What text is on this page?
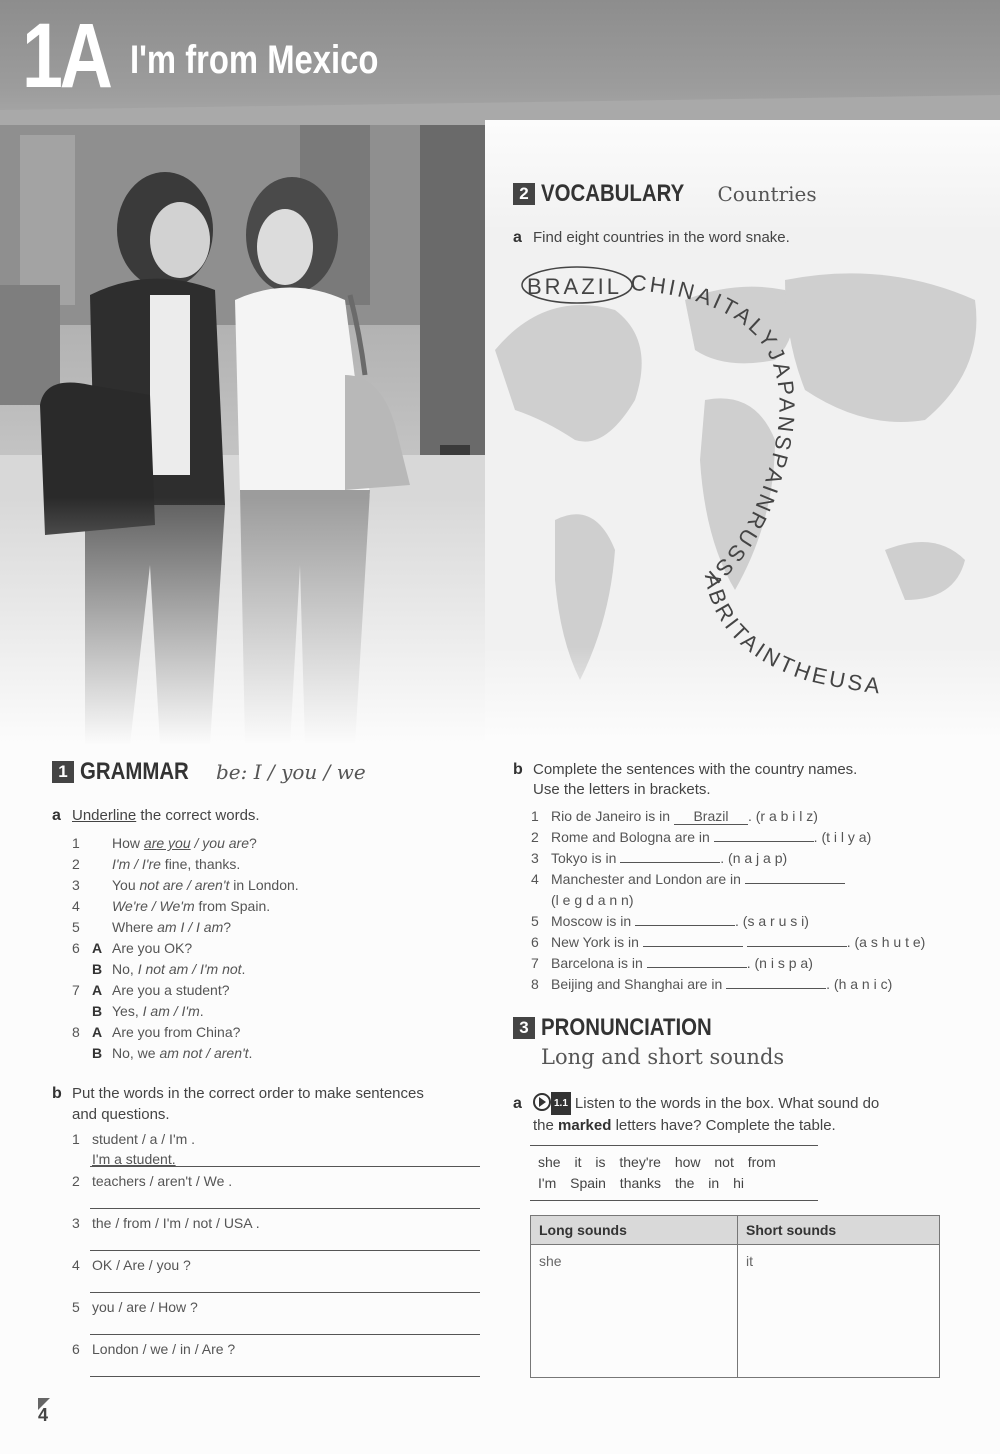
1A I'm from Mexico
2 VOCABULARY Countries
a Find eight countries in the word snake.
BRAZIL CHINAITALYJAPANSPAINRUSSIABRITAINTHEUSA
b Complete the sentences with the country names.
Use the letters in brackets.
1 Rio de Janeiro is in Brazil . (r a b i l z)
2 Rome and Bologna are in	. (t i l y a)
3 Tokyo is in	. (n a j a p)
4 Manchester and London are in
(l e g d a n n)
5 Moscow is in	. (s a r u s i)
6 New York is in	. (a s h u t e)
7 Barcelona is in	. (n i s p a)
8 Beijing and Shanghai are in	. (h a n i c)
3 PRONUNCIATION
Long and short sounds
a	1.1 Listen to the words in the box. What sound do
the marked letters have? Complete the table.
she it is they're how not from
I'm Spain thanks the in hi
Long sounds	Short sounds
she	it
1 GRAMMAR be: I / you / we
a Underline the correct words.
1 How are you / you are?
2 I'm / I're fine, thanks.
3 You not are / aren't in London.
4 We're / We'm from Spain.
5 Where am I / I am?
6 A Are you OK?
B No, I not am / I'm not.
7 A Are you a student?
B Yes, I am / I'm.
8 A Are you from China?
B No, we am not / aren't.
b Put the words in the correct order to make sentences
and questions.
1 student / a / I'm .
I'm a student.
2 teachers / aren't / We .
3 the / from / I'm / not / USA .
4 OK / Are / you ?
5 you / are / How ?
6 London / we / in / Are ?
4
